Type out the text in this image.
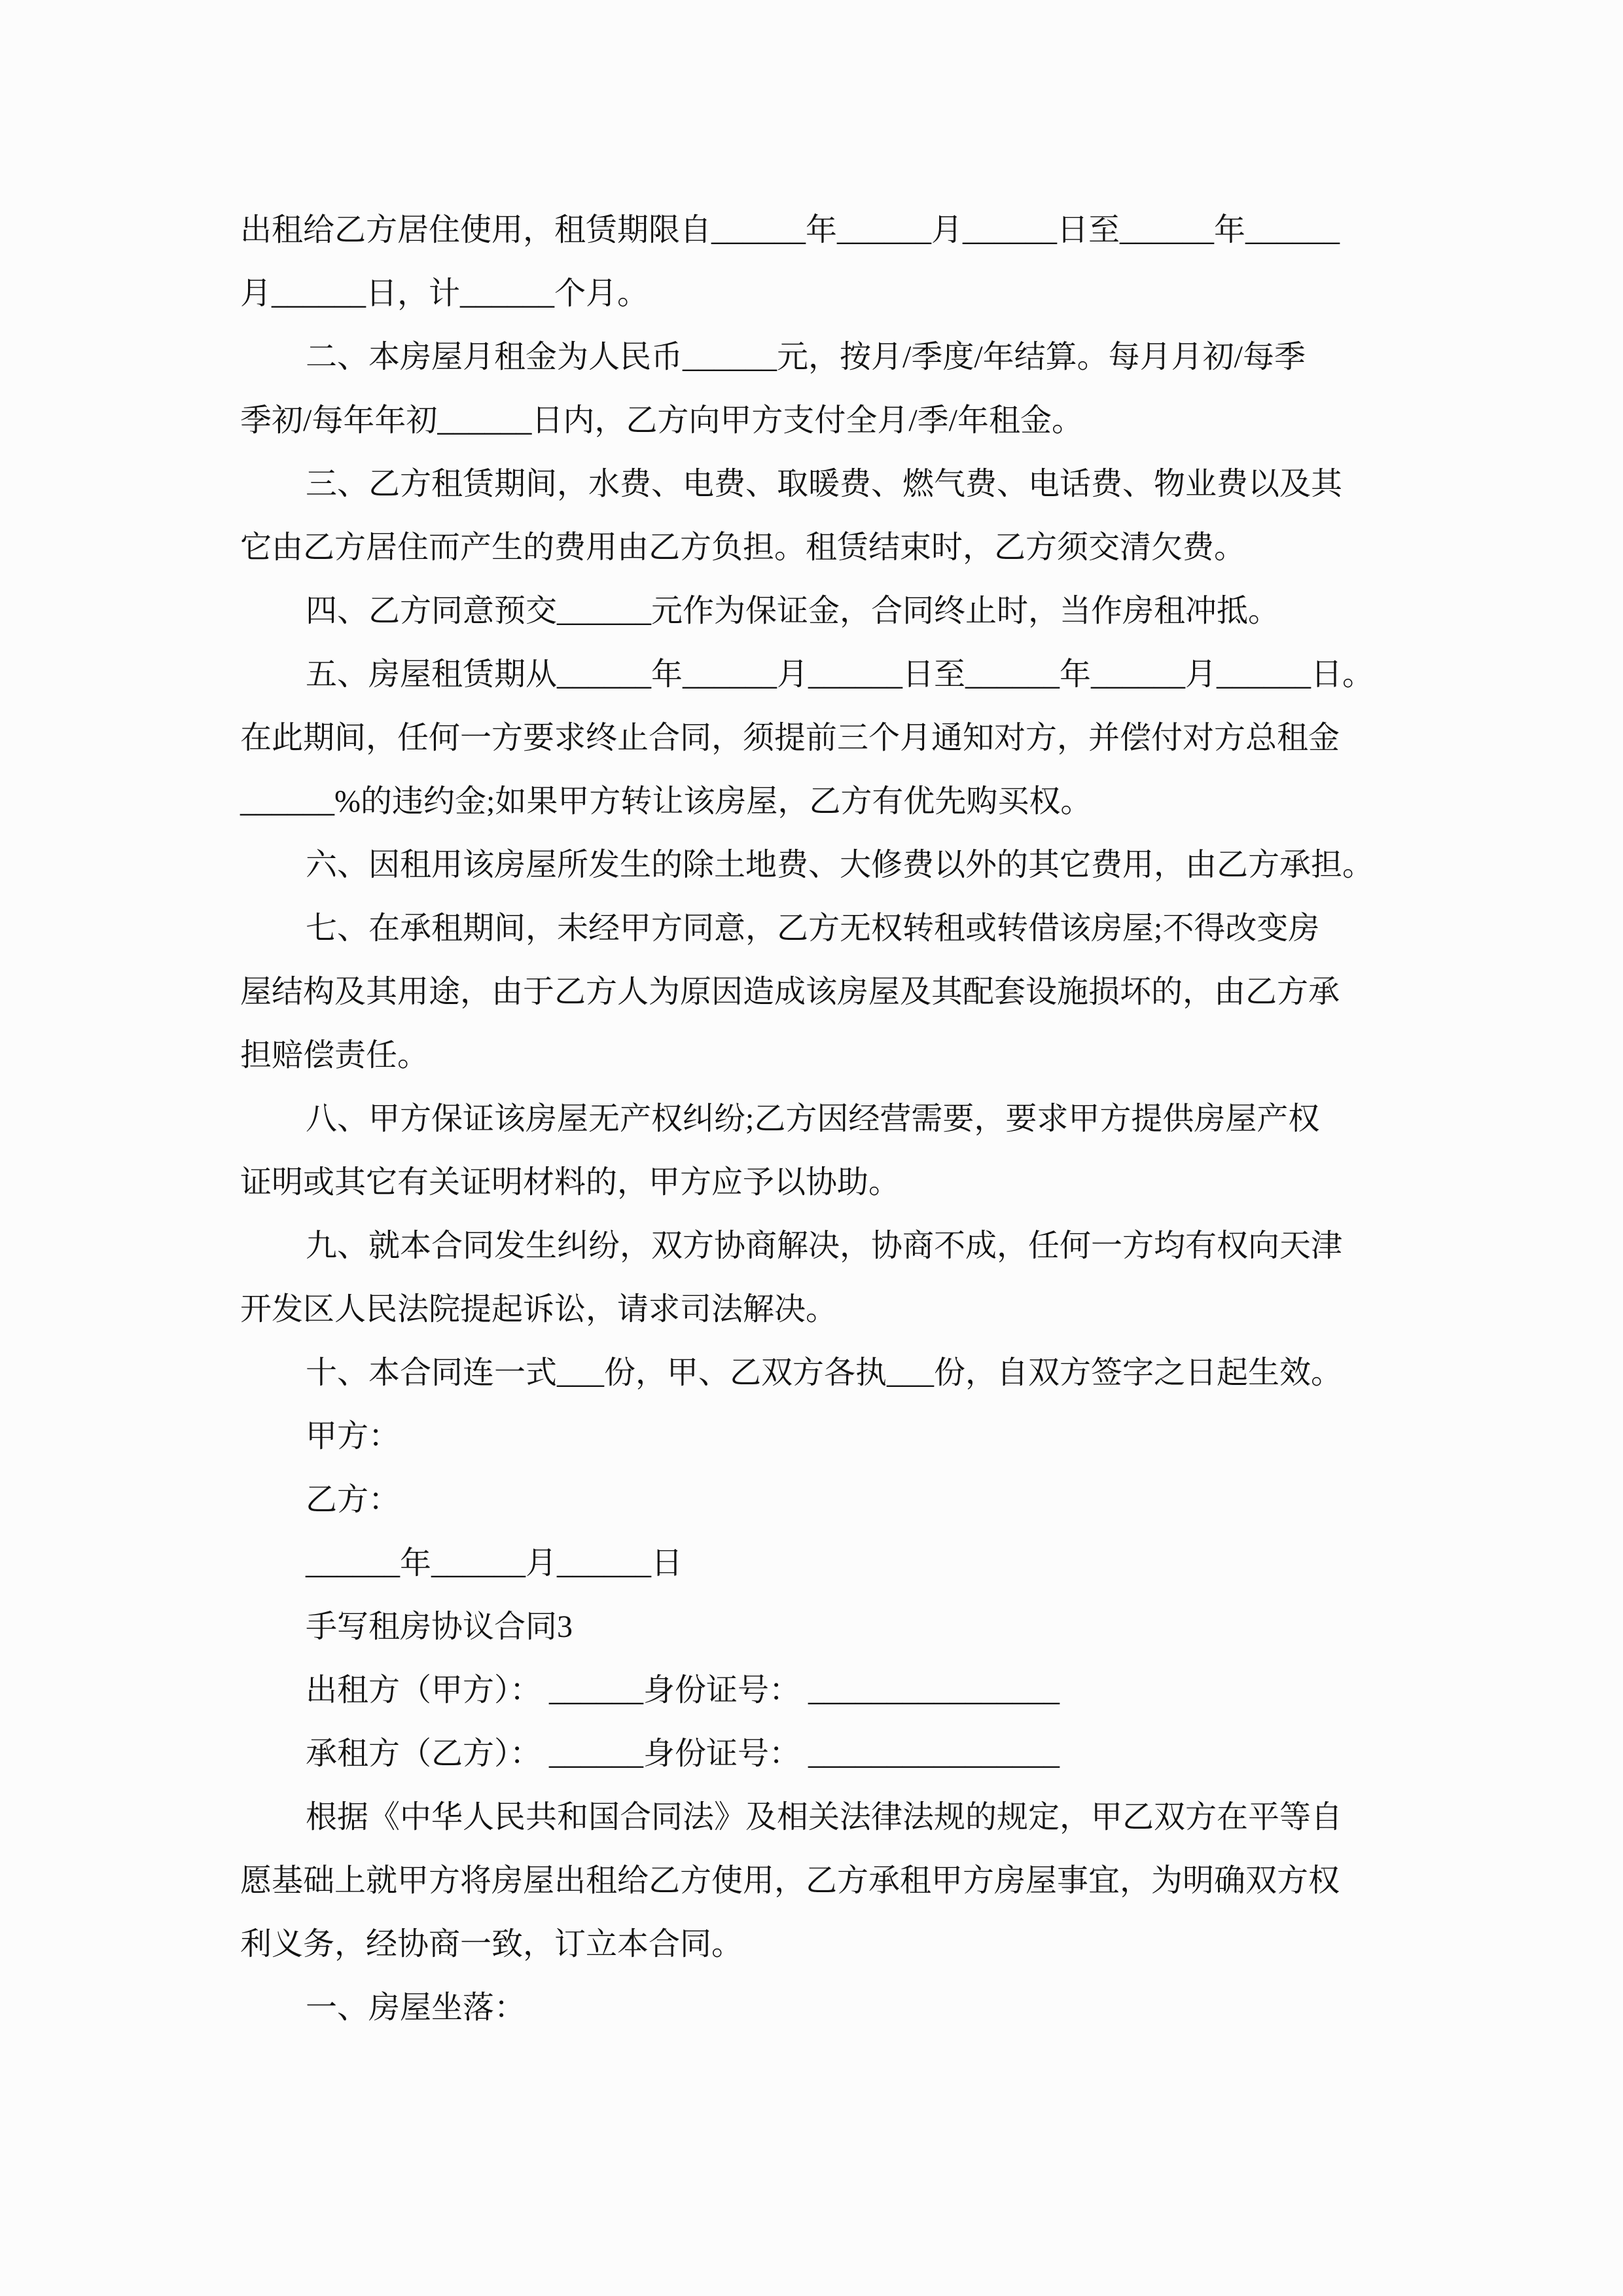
出租给乙方居住使用，租赁期限自______年______月______日至______年______
月______日，计______个月。
二、本房屋月租金为人民币______元，按月/季度/年结算。每月月初/每季
季初/每年年初______日内，乙方向甲方支付全月/季/年租金。
三、乙方租赁期间，水费、电费、取暖费、燃气费、电话费、物业费以及其
它由乙方居住而产生的费用由乙方负担。租赁结束时，乙方须交清欠费。
四、乙方同意预交______元作为保证金，合同终止时，当作房租冲抵。
五、房屋租赁期从______年______月______日至______年______月______日。
在此期间，任何一方要求终止合同，须提前三个月通知对方，并偿付对方总租金
______%的违约金;如果甲方转让该房屋，乙方有优先购买权。
六、因租用该房屋所发生的除土地费、大修费以外的其它费用，由乙方承担。
七、在承租期间，未经甲方同意，乙方无权转租或转借该房屋;不得改变房
屋结构及其用途，由于乙方人为原因造成该房屋及其配套设施损坏的，由乙方承
担赔偿责任。
八、甲方保证该房屋无产权纠纷;乙方因经营需要，要求甲方提供房屋产权
证明或其它有关证明材料的，甲方应予以协助。
九、就本合同发生纠纷，双方协商解决，协商不成，任何一方均有权向天津
开发区人民法院提起诉讼，请求司法解决。
十、本合同连一式___份，甲、乙双方各执___份，自双方签字之日起生效。
甲方：
乙方：
______年______月______日
手写租房协议合同3
出租方（甲方）： ______身份证号： ________________
承租方（乙方）： ______身份证号： ________________
根据《中华人民共和国合同法》及相关法律法规的规定，甲乙双方在平等自
愿基础上就甲方将房屋出租给乙方使用，乙方承租甲方房屋事宜，为明确双方权
利义务，经协商一致，订立本合同。
一、房屋坐落：
